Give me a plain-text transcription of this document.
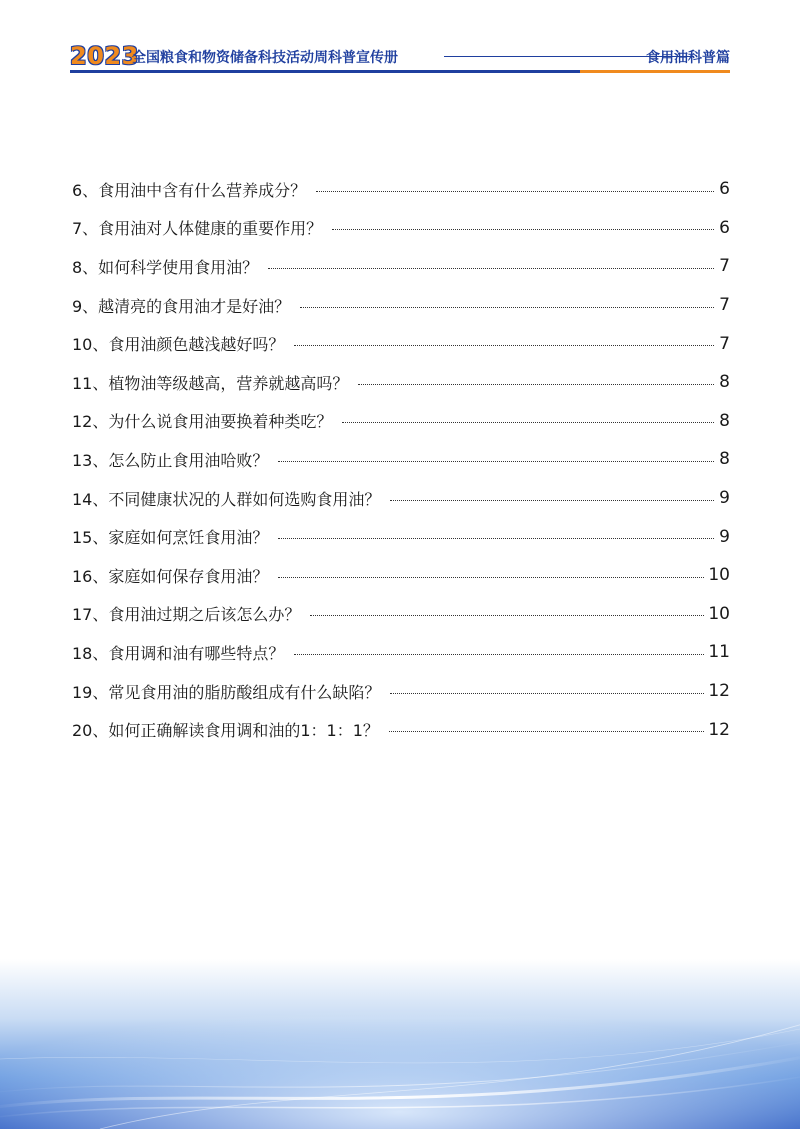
2023
全国粮食和物资储备科技活动周科普宣传册	食用油科普篇
6、食用油中含有什么营养成分？	6
7、食用油对人体健康的重要作用？	6
8、如何科学使用食用油？	7
9、越清亮的食用油才是好油？	7
10、食用油颜色越浅越好吗？	7
11、植物油等级越高，营养就越高吗？	8
12、为什么说食用油要换着种类吃？	8
13、怎么防止食用油哈败？	8
14、不同健康状况的人群如何选购食用油？	9
15、家庭如何烹饪食用油？	9
16、家庭如何保存食用油？	10
17、食用油过期之后该怎么办？	10
18、食用调和油有哪些特点？	11
19、常见食用油的脂肪酸组成有什么缺陷？	12
20、如何正确解读食用调和油的1：1：1？	12
